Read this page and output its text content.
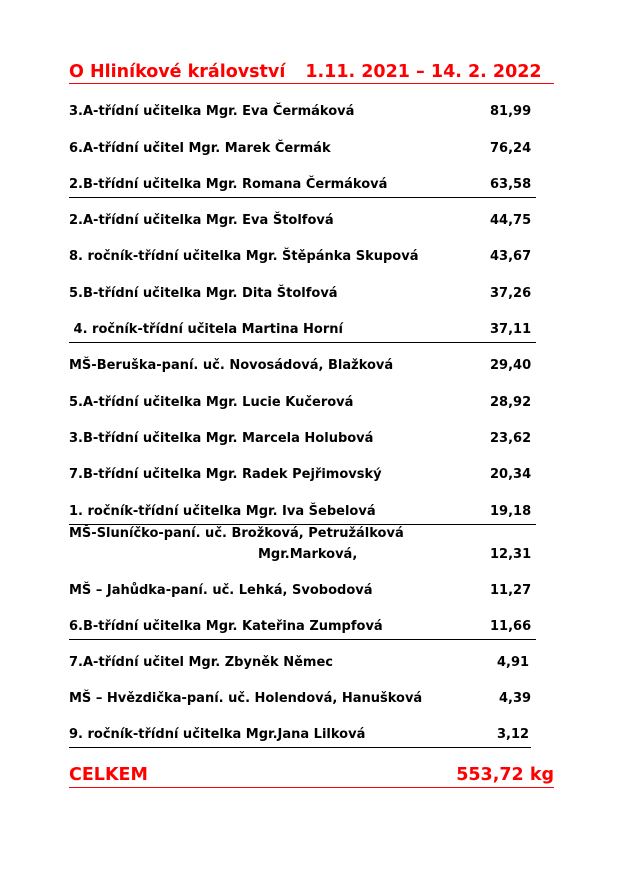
O Hliníkové království 1.11. 2021 – 14. 2. 2022
3.A-třídní učitelka Mgr. Eva Čermáková	81,99
6.A-třídní učitel Mgr. Marek Čermák	76,24
2.B-třídní učitelka Mgr. Romana Čermáková	63,58
2.A-třídní učitelka Mgr. Eva Štolfová	44,75
8. ročník-třídní učitelka Mgr. Štěpánka Skupová	43,67
5.B-třídní učitelka Mgr. Dita Štolfová	37,26
4. ročník-třídní učitela Martina Horní	37,11
MŠ-Beruška-paní. uč. Novosádová, Blažková	29,40
5.A-třídní učitelka Mgr. Lucie Kučerová	28,92
3.B-třídní učitelka Mgr. Marcela Holubová	23,62
7.B-třídní učitelka Mgr. Radek Pejřimovský	20,34
1. ročník-třídní učitelka Mgr. Iva Šebelová	19,18
MŠ-Sluníčko-paní. uč. Brožková, Petružálková
Mgr.Marková,	12,31
MŠ – Jahůdka-paní. uč. Lehká, Svobodová	11,27
6.B-třídní učitelka Mgr. Kateřina Zumpfová	11,66
7.A-třídní učitel Mgr. Zbyněk Němec	4,91
MŠ – Hvězdička-paní. uč. Holendová, Hanušková	4,39
9. ročník-třídní učitelka Mgr.Jana Lilková	3,12
CELKEM	553,72 kg
